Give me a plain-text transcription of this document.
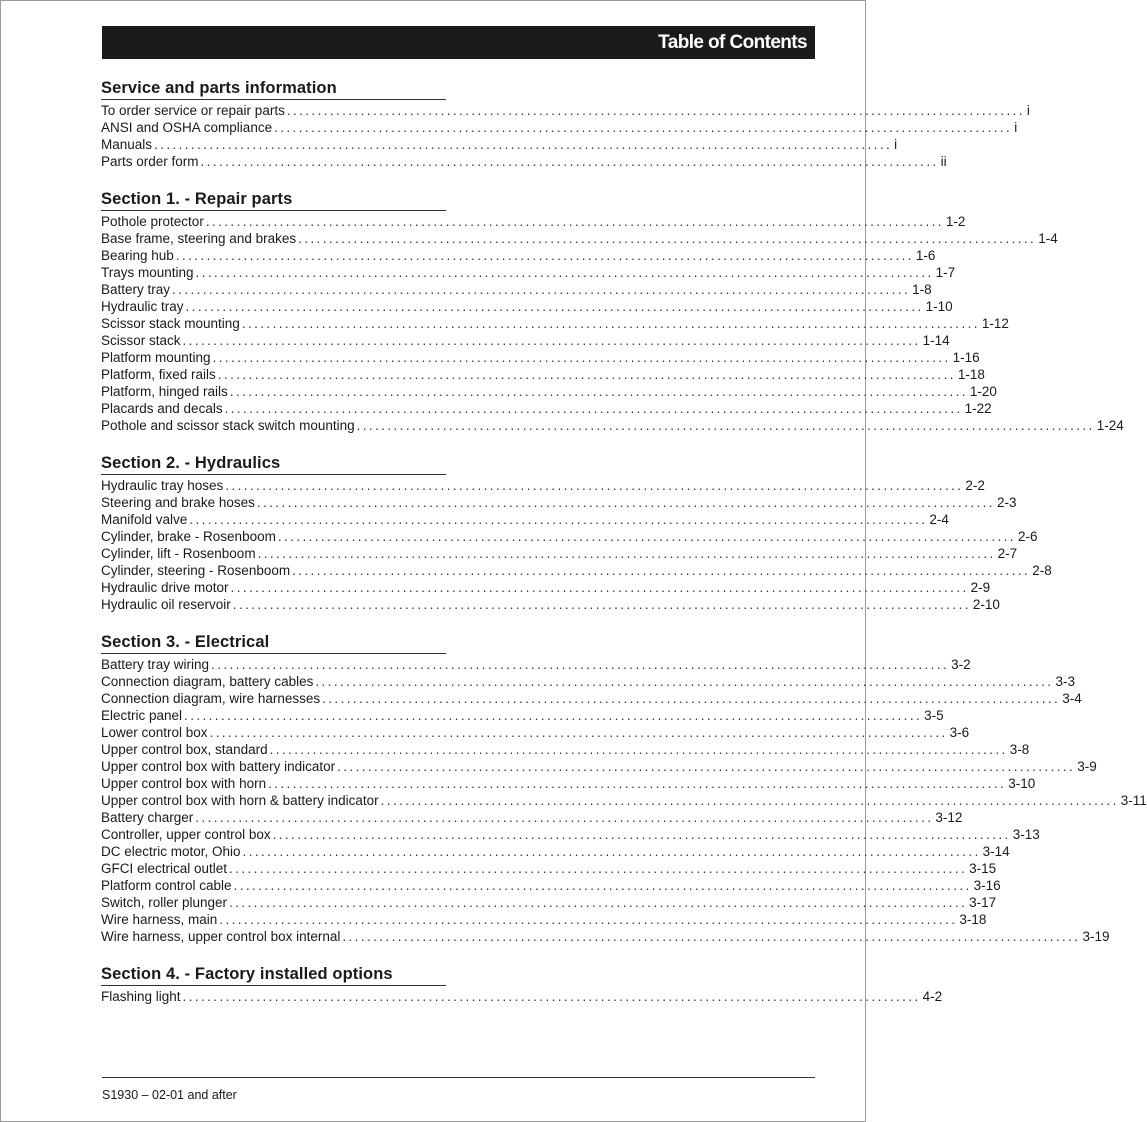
Table of Contents
Service and parts information
To order service or repair parts ........................................................................................................................ i
ANSI and OSHA compliance ........................................................................................................................ i
Manuals ........................................................................................................................ i
Parts order form ........................................................................................................................ ii
Section 1. - Repair parts
Pothole protector ........................................................................................................................ 1-2
Base frame, steering and brakes ........................................................................................................................ 1-4
Bearing hub ........................................................................................................................ 1-6
Trays mounting ........................................................................................................................ 1-7
Battery tray ........................................................................................................................ 1-8
Hydraulic tray ........................................................................................................................ 1-10
Scissor stack mounting ........................................................................................................................ 1-12
Scissor stack ........................................................................................................................ 1-14
Platform mounting ........................................................................................................................ 1-16
Platform, fixed rails ........................................................................................................................ 1-18
Platform, hinged rails ........................................................................................................................ 1-20
Placards and decals ........................................................................................................................ 1-22
Pothole and scissor stack switch mounting ........................................................................................................................ 1-24
Section 2. - Hydraulics
Hydraulic tray hoses ........................................................................................................................ 2-2
Steering and brake hoses ........................................................................................................................ 2-3
Manifold valve ........................................................................................................................ 2-4
Cylinder, brake - Rosenboom ........................................................................................................................ 2-6
Cylinder, lift - Rosenboom ........................................................................................................................ 2-7
Cylinder, steering - Rosenboom ........................................................................................................................ 2-8
Hydraulic drive motor ........................................................................................................................ 2-9
Hydraulic oil reservoir ........................................................................................................................ 2-10
Section 3. - Electrical
Battery tray wiring ........................................................................................................................ 3-2
Connection diagram, battery cables ........................................................................................................................ 3-3
Connection diagram, wire harnesses ........................................................................................................................ 3-4
Electric panel ........................................................................................................................ 3-5
Lower control box ........................................................................................................................ 3-6
Upper control box, standard ........................................................................................................................ 3-8
Upper control box with battery indicator ........................................................................................................................ 3-9
Upper control box with horn ........................................................................................................................ 3-10
Upper control box with horn & battery indicator ........................................................................................................................ 3-11
Battery charger ........................................................................................................................ 3-12
Controller, upper control box ........................................................................................................................ 3-13
DC electric motor, Ohio ........................................................................................................................ 3-14
GFCI electrical outlet ........................................................................................................................ 3-15
Platform control cable ........................................................................................................................ 3-16
Switch, roller plunger ........................................................................................................................ 3-17
Wire harness, main ........................................................................................................................ 3-18
Wire harness, upper control box internal ........................................................................................................................ 3-19
Section 4. - Factory installed options
Flashing light ........................................................................................................................ 4-2
S1930 – 02-01 and after
